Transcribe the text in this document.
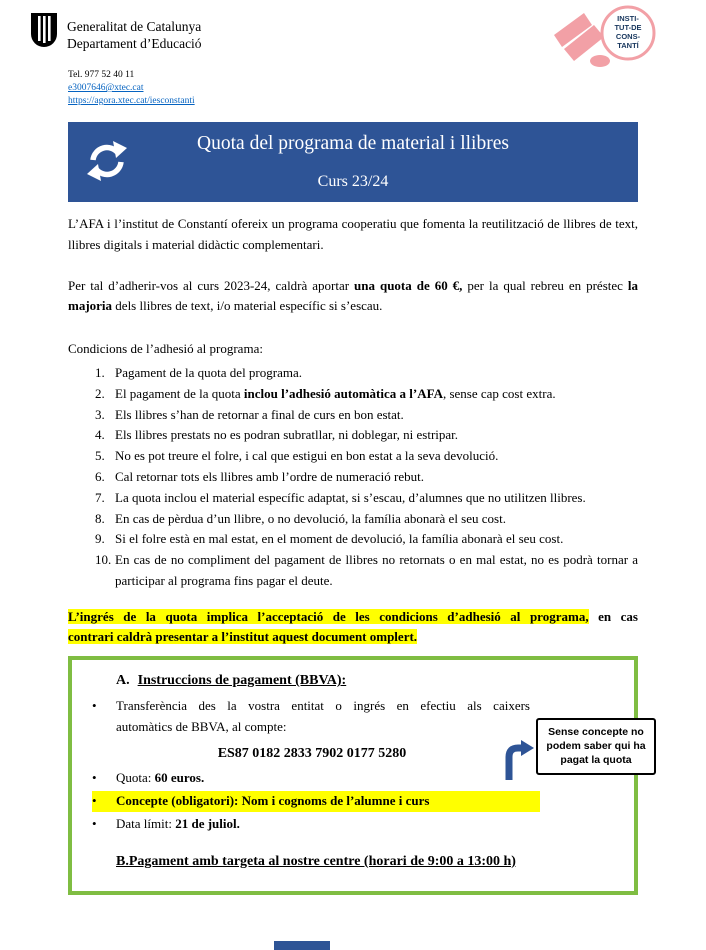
Generalitat de Catalunya
Departament d’Educació
INSTI-
TUT-DE
CONS-
TANTÍ
Tel. 977 52 40 11
e3007646@xtec.cat
https://agora.xtec.cat/iesconstanti
Quota del programa de material i llibres
Curs 23/24

L’AFA i l’institut de Constantí ofereix un programa cooperatiu que fomenta la reutilització de llibres de text, llibres digitals i material didàctic complementari.

Per tal d’adherir-vos al curs 2023-24, caldrà aportar una quota de 60 €, per la qual rebreu en préstec la majoria dels llibres de text, i/o material específic si s’escau.

Condicions de l’adhesió al programa:

1. Pagament de la quota del programa.
2. El pagament de la quota inclou l’adhesió automàtica a l’AFA, sense cap cost extra.
3. Els llibres s’han de retornar a final de curs en bon estat.
4. Els llibres prestats no es podran subratllar, ni doblegar, ni estripar.
5. No es pot treure el folre, i cal que estigui en bon estat a la seva devolució.
6. Cal retornar tots els llibres amb l’ordre de numeració rebut.
7. La quota inclou el material específic adaptat, si s’escau, d’alumnes que no utilitzen llibres.
8. En cas de pèrdua d’un llibre, o no devolució, la família abonarà el seu cost.
9. Si el folre està en mal estat, en el moment de devolució, la família abonarà el seu cost.
10. En cas de no compliment del pagament de llibres no retornats o en mal estat, no es podrà tornar a participar al programa fins pagar el deute.

L’ingrés de la quota implica l’acceptació de les condicions d’adhesió al programa, en cas
contrari caldrà presentar a l’institut aquest document omplert.

A. Instruccions de pagament (BBVA):
•	Transferència des la vostra entitat o ingrés en efectiu als caixers
automàtics de BBVA, al compte:
ES87 0182 2833 7902 0177 5280
•	Quota: 60 euros.
•	Concepte (obligatori): Nom i cognoms de l’alumne i curs
•	Data límit: 21 de juliol.
B.Pagament amb targeta al nostre centre (horari de 9:00 a 13:00 h)
Sense concepte no podem saber qui ha pagat la quota
